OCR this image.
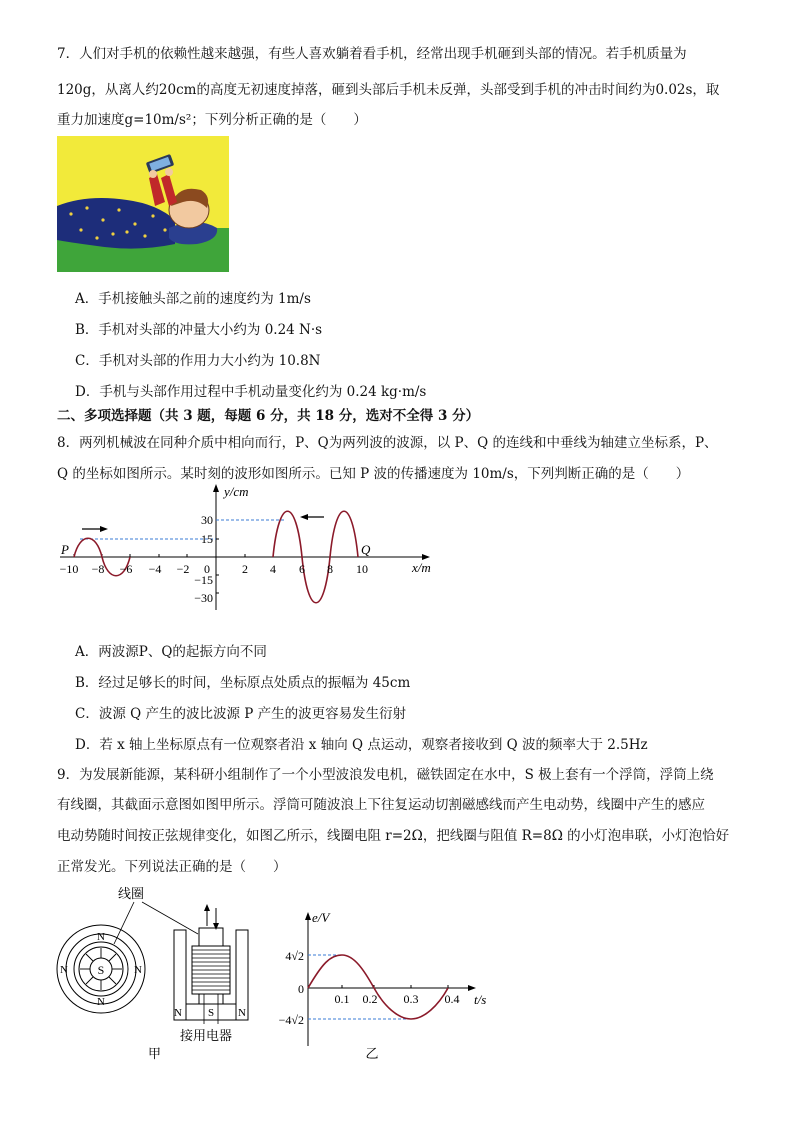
7．人们对手机的依赖性越来越强，有些人喜欢躺着看手机，经常出现手机砸到头部的情况。若手机质量为
120g，从离人约20cm的高度无初速度掉落，砸到头部后手机未反弹，头部受到手机的冲击时间约为0.02s，取
重力加速度g=10m/s²；下列分析正确的是（　　）
A．手机接触头部之前的速度约为 1m/s
B．手机对头部的冲量大小约为 0.24 N·s
C．手机对头部的作用力大小约为 10.8N
D．手机与头部作用过程中手机动量变化约为 0.24 kg·m/s
二、多项选择题（共 3 题，每题 6 分，共 18 分，选对不全得 3 分）
8．两列机械波在同种介质中相向而行，P、Q为两列波的波源，以 P、Q 的连线和中垂线为轴建立坐标系，P、
Q 的坐标如图所示。某时刻的波形如图所示。已知 P 波的传播速度为 10m/s，下列判断正确的是（　　）
y/cm
x/m
P	Q
−10 −8 −6 −4 −2 0	2 4 6 8 10
30
15
−15
−30
A．两波源P、Q的起振方向不同
B．经过足够长的时间，坐标原点处质点的振幅为 45cm
C．波源 Q 产生的波比波源 P 产生的波更容易发生衍射
D．若 x 轴上坐标原点有一位观察者沿 x 轴向 Q 点运动，观察者接收到 Q 波的频率大于 2.5Hz
9．为发展新能源，某科研小组制作了一个小型波浪发电机，磁铁固定在水中，S 极上套有一个浮筒，浮筒上绕
有线圈，其截面示意图如图甲所示。浮筒可随波浪上下往复运动切割磁感线而产生电动势，线圈中产生的感应
电动势随时间按正弦规律变化，如图乙所示，线圈电阻 r=2Ω，把线圈与阻值 R=8Ω 的小灯泡串联，小灯泡恰好
正常发光。下列说法正确的是（　　）
S
N
N
N	N
线圈
N S N
接用电器
甲
e/V
t/s
4√2
−4√2
0
0.1 0.2 0.3 0.4
乙
